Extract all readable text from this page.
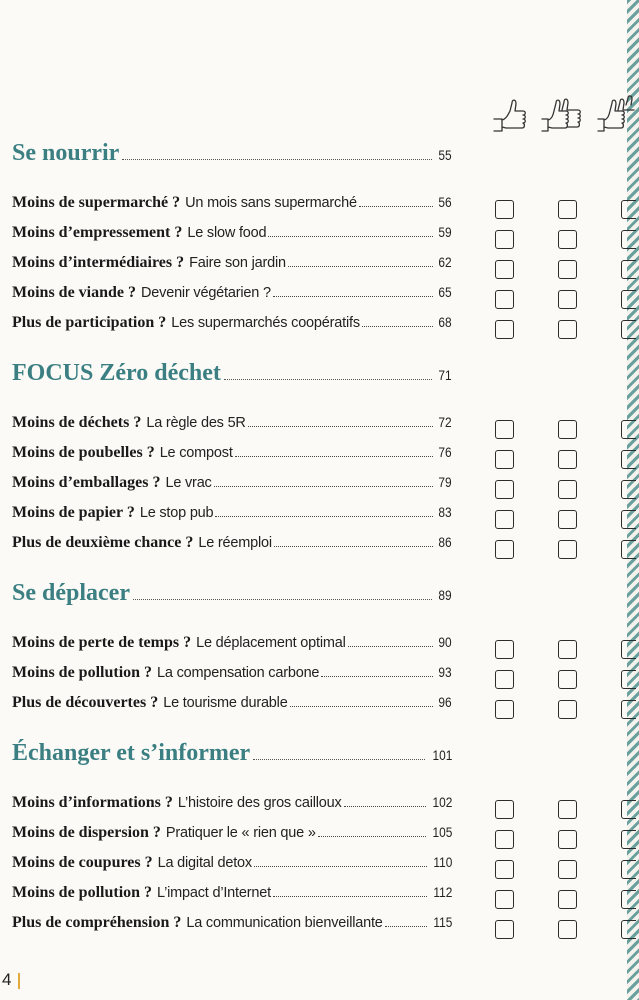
Se nourrir	55
Moins de supermarché ? Un mois sans supermarché	56
Moins d’empressement ? Le slow food	59
Moins d’intermédiaires ? Faire son jardin	62
Moins de viande ? Devenir végétarien ?	65
Plus de participation ? Les supermarchés coopératifs	68
FOCUS Zéro déchet	71
Moins de déchets ? La règle des 5R	72
Moins de poubelles ? Le compost	76
Moins d’emballages ? Le vrac	79
Moins de papier ? Le stop pub	83
Plus de deuxième chance ? Le réemploi	86
Se déplacer	89
Moins de perte de temps ? Le déplacement optimal	90
Moins de pollution ? La compensation carbone	93
Plus de découvertes ? Le tourisme durable	96
Échanger et s’informer	101
Moins d’informations ? L’histoire des gros cailloux	102
Moins de dispersion ? Pratiquer le « rien que »	105
Moins de coupures ? La digital detox	110
Moins de pollution ? L’impact d’Internet	112
Plus de compréhension ? La communication bienveillante	115
4
